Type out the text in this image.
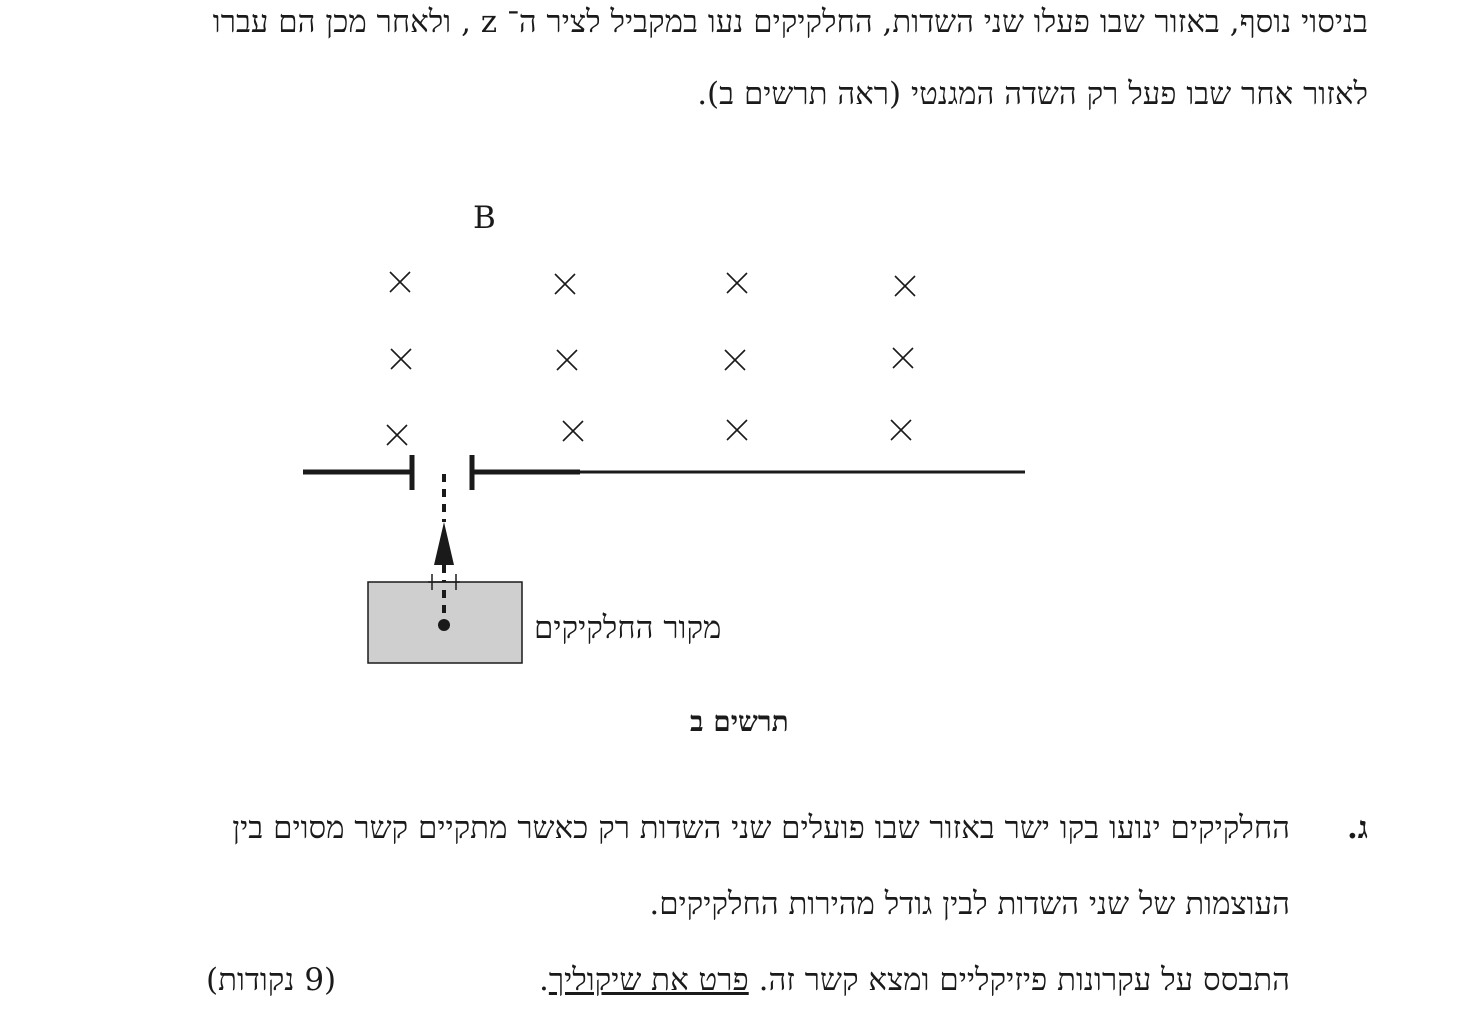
בניסוי נוסף, באזור שבו פעלו שני השדות, החלקיקים נעו במקביל לציר ה־ z , ולאחר מכן הם עברו
לאזור אחר שבו פעל רק השדה המגנטי (ראה תרשים ב).
B
מקור החלקיקים
תרשים ב
ג.
החלקיקים ינועו בקו ישר באזור שבו פועלים שני השדות רק כאשר מתקיים קשר מסוים בין
העוצמות של שני השדות לבין גודל מהירות החלקיקים.
התבסס על עקרונות פיזיקליים ומצא קשר זה. פרט את שיקוליך.
(9 נקודות)
